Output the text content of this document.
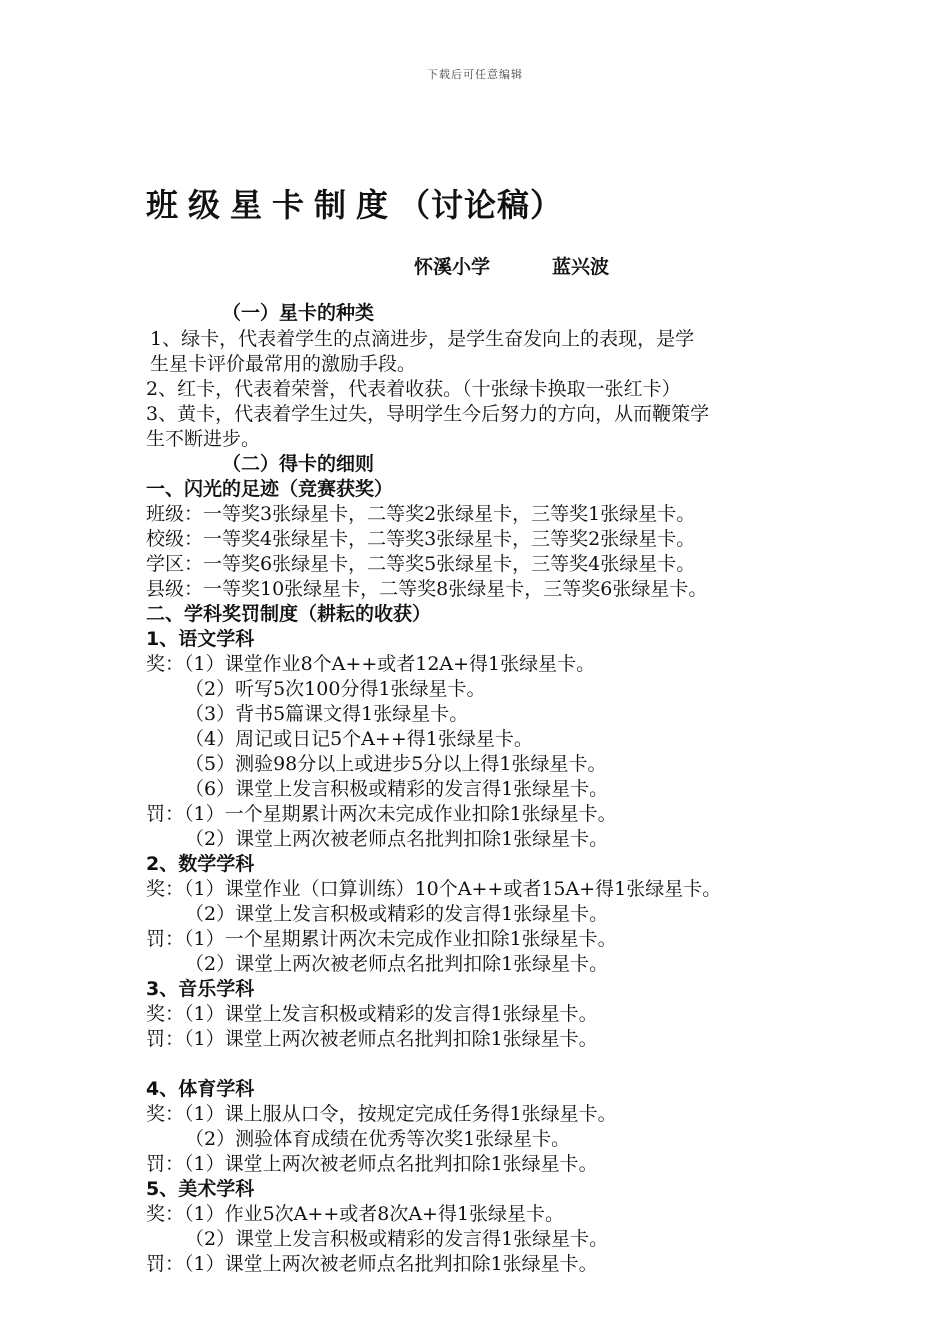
下载后可任意编辑
班级星卡制度（讨论稿）
怀溪小学	蓝兴波
（一）星卡的种类
1、绿卡，代表着学生的点滴进步，是学生奋发向上的表现，是学
生星卡评价最常用的激励手段。
2、红卡，代表着荣誉，代表着收获。（十张绿卡换取一张红卡）
3、黄卡，代表着学生过失，导明学生今后努力的方向，从而鞭策学
生不断进步。
（二）得卡的细则
一、闪光的足迹（竞赛获奖）
班级：一等奖3张绿星卡，二等奖2张绿星卡，三等奖1张绿星卡。
校级：一等奖4张绿星卡，二等奖3张绿星卡，三等奖2张绿星卡。
学区：一等奖6张绿星卡，二等奖5张绿星卡，三等奖4张绿星卡。
县级：一等奖10张绿星卡，二等奖8张绿星卡，三等奖6张绿星卡。
二、学科奖罚制度（耕耘的收获）
1、语文学科
奖：（1）课堂作业8个A++或者12A+得1张绿星卡。
（2）听写5次100分得1张绿星卡。
（3）背书5篇课文得1张绿星卡。
（4）周记或日记5个A++得1张绿星卡。
（5）测验98分以上或进步5分以上得1张绿星卡。
（6）课堂上发言积极或精彩的发言得1张绿星卡。
罚：（1）一个星期累计两次未完成作业扣除1张绿星卡。
（2）课堂上两次被老师点名批判扣除1张绿星卡。
2、数学学科
奖：（1）课堂作业（口算训练）10个A++或者15A+得1张绿星卡。
（2）课堂上发言积极或精彩的发言得1张绿星卡。
罚：（1）一个星期累计两次未完成作业扣除1张绿星卡。
（2）课堂上两次被老师点名批判扣除1张绿星卡。
3、音乐学科
奖：（1）课堂上发言积极或精彩的发言得1张绿星卡。
罚：（1）课堂上两次被老师点名批判扣除1张绿星卡。
4、体育学科
奖：（1）课上服从口令，按规定完成任务得1张绿星卡。
（2）测验体育成绩在优秀等次奖1张绿星卡。
罚：（1）课堂上两次被老师点名批判扣除1张绿星卡。
5、美术学科
奖：（1）作业5次A++或者8次A+得1张绿星卡。
（2）课堂上发言积极或精彩的发言得1张绿星卡。
罚：（1）课堂上两次被老师点名批判扣除1张绿星卡。
